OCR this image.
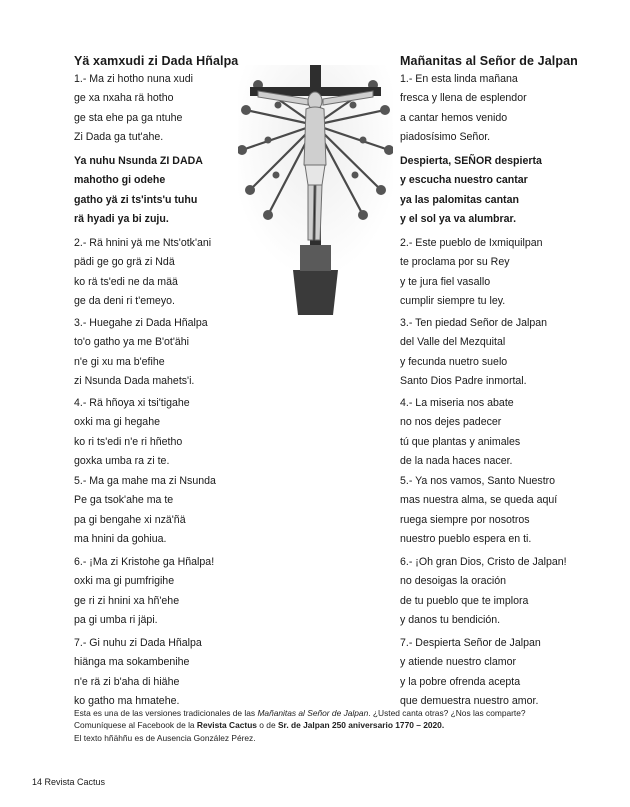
Yä xamxudi zi Dada Hñalpa	Mañanitas al Señor de Jalpan
1.- Ma zi hotho nuna xudi
ge xa nxaha rä hotho
ge sta ehe pa ga ntuhe
Zi Dada ga tut'ahe.
Ya nuhu Nsunda ZI DADA
mahotho gi odehe
gatho yä zi ts'ints'u tuhu
rä hyadi ya bi zuju.
2.- Rä hnini yä me Nts'otk'ani
pädi ge go grä zi Ndä
ko rä ts'edi ne da mää
ge da deni ri t'emeyo.
3.- Huegahe zi Dada Hñalpa
to'o gatho ya me B'ot'ähi
n'e gi xu ma b'efihe
zi Nsunda Dada mahets'i.
4.- Rä hñoya xi tsi'tigahe
oxki ma gi hegahe
ko ri ts'edi n'e ri hñetho
goxka umba ra zi te.
5.- Ma ga mahe ma zi Nsunda
Pe ga tsok'ahe ma te
pa gi bengahe xi nzä'ñä
ma hnini da gohiua.
6.- ¡Ma zi Kristohe ga Hñalpa!
oxki ma gi pumfrigihe
ge ri zi hnini xa hñ'ehe
pa gi umba ri jäpi.
7.- Gi nuhu zi Dada Hñalpa
hiänga ma sokambenihe
n'e rä zi b'aha di hiähe
ko gatho ma hmatehe.
1.- En esta linda mañana
fresca y llena de esplendor
a cantar hemos venido
piadosísimo Señor.
Despierta, SEÑOR despierta
y escucha nuestro cantar
ya las palomitas cantan
y el sol ya va alumbrar.
2.- Este pueblo de Ixmiquilpan
te proclama por su Rey
y te jura fiel vasallo
cumplir siempre tu ley.
3.- Ten piedad Señor de Jalpan
del Valle del Mezquital
y fecunda nuetro suelo
Santo Dios Padre inmortal.
4.- La miseria nos abate
no nos dejes padecer
tú que plantas y animales
de la nada haces nacer.
5.- Ya nos vamos, Santo Nuestro
mas nuestra alma, se queda aquí
ruega siempre por nosotros
nuestro pueblo espera en ti.
6.- ¡Oh gran Dios, Cristo de Jalpan!
no desoigas la oración
de tu pueblo que te implora
y danos tu bendición.
7.- Despierta Señor de Jalpan
y atiende nuestro clamor
y la pobre ofrenda acepta
que demuestra nuestro amor.
Esta es una de las versiones tradicionales de las Mañanitas al Señor de Jalpan. ¿Usted canta otras? ¿Nos las comparte?
Comuníquese al Facebook de la Revista Cactus o de Sr. de Jalpan 250 aniversario 1770 – 2020.
El texto hñähñu es de Ausencia González Pérez.
14 Revista Cactus
